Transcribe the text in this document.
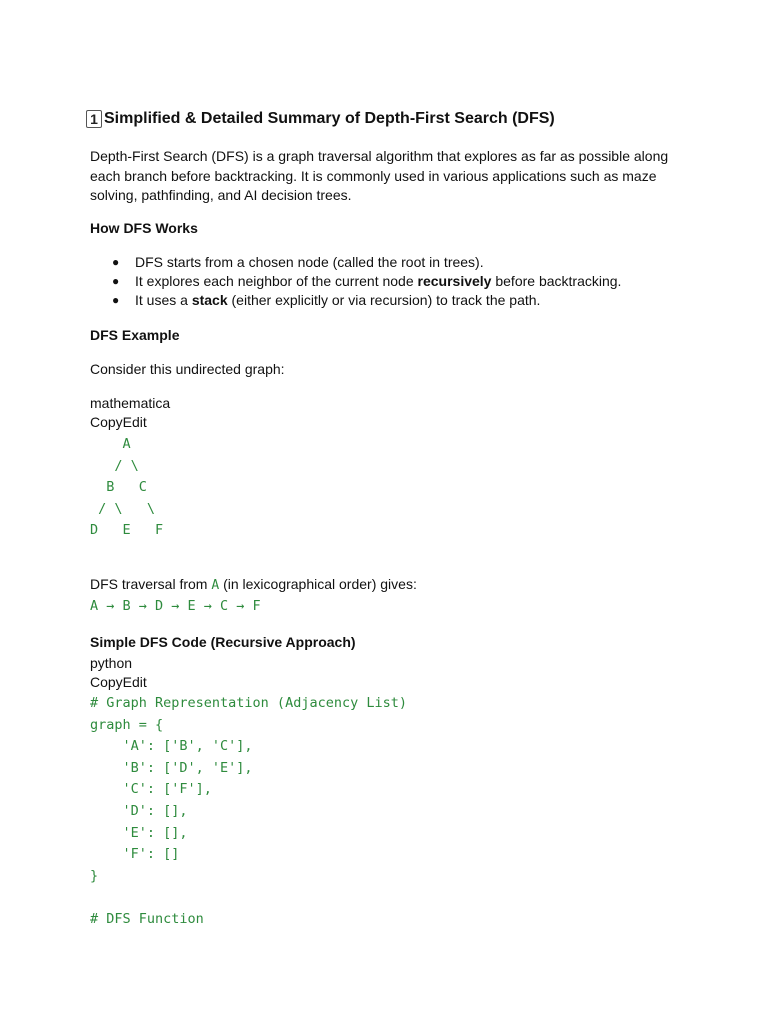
1 Simplified & Detailed Summary of Depth-First Search (DFS)
Depth-First Search (DFS) is a graph traversal algorithm that explores as far as possible along each branch before backtracking. It is commonly used in various applications such as maze solving, pathfinding, and AI decision trees.
How DFS Works
● DFS starts from a chosen node (called the root in trees).
● It explores each neighbor of the current node recursively before backtracking.
● It uses a stack (either explicitly or via recursion) to track the path.
DFS Example
Consider this undirected graph:
mathematica
CopyEdit
A
/ \
B   C
/ \   \
D   E   F
DFS traversal from A (in lexicographical order) gives:
A → B → D → E → C → F
Simple DFS Code (Recursive Approach)
python
CopyEdit
# Graph Representation (Adjacency List)
graph = {
'A': ['B', 'C'],
'B': ['D', 'E'],
'C': ['F'],
'D': [],
'E': [],
'F': []
}

# DFS Function
